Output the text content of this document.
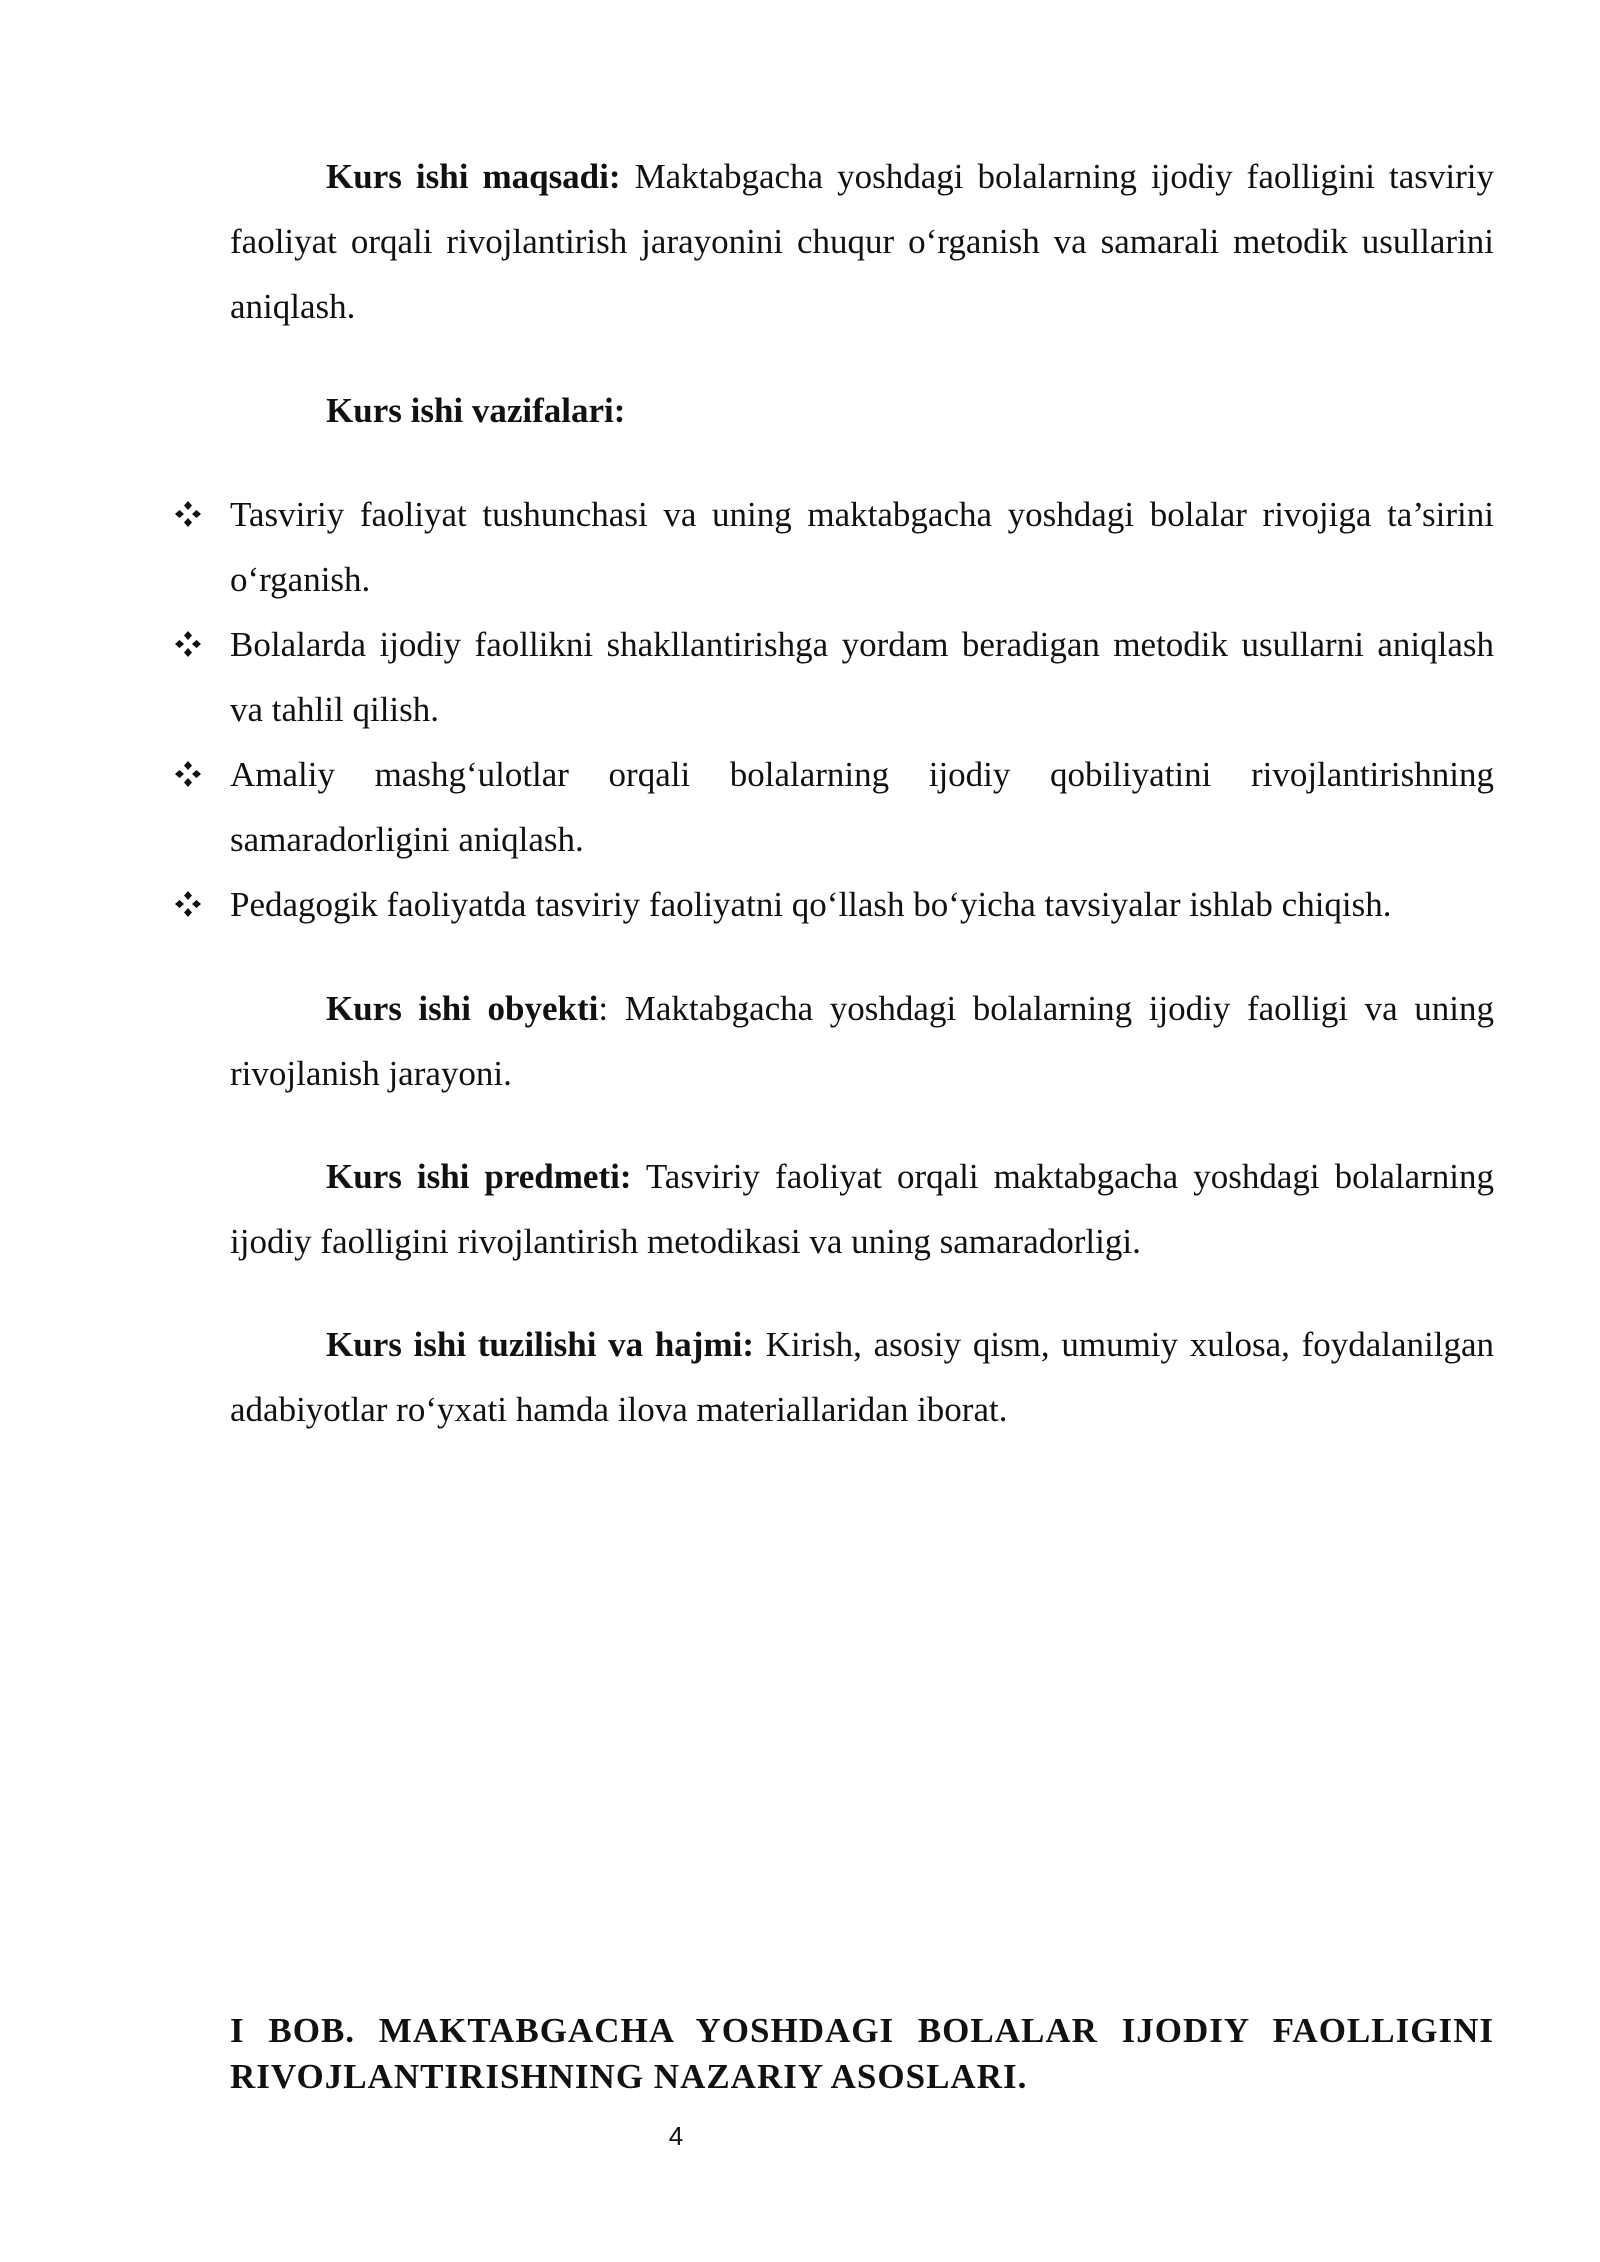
Kurs ishi maqsadi: Maktabgacha yoshdagi bolalarning ijodiy faolligini tasviriy faoliyat orqali rivojlantirish jarayonini chuqur o‘rganish va samarali metodik usullarini aniqlash.

Kurs ishi vazifalari:

Tasviriy faoliyat tushunchasi va uning maktabgacha yoshdagi bolalar rivojiga ta’sirini o‘rganish.
Bolalarda ijodiy faollikni shakllantirishga yordam beradigan metodik usullarni aniqlash va tahlil qilish.
Amaliy mashg‘ulotlar orqali bolalarning ijodiy qobiliyatini rivojlantirishning samaradorligini aniqlash.
Pedagogik faoliyatda tasviriy faoliyatni qo‘llash bo‘yicha tavsiyalar ishlab chiqish.

Kurs ishi obyekti: Maktabgacha yoshdagi bolalarning ijodiy faolligi va uning rivojlanish jarayoni.

Kurs ishi predmeti: Tasviriy faoliyat orqali maktabgacha yoshdagi bolalarning ijodiy faolligini rivojlantirish metodikasi va uning samaradorligi.

Kurs ishi tuzilishi va hajmi: Kirish, asosiy qism, umumiy xulosa, foydalanilgan adabiyotlar ro‘yxati hamda ilova materiallaridan iborat.

I BOB. MAKTABGACHA YOSHDAGI BOLALAR IJODIY FAOLLIGINI RIVOJLANTIRISHNING NAZARIY ASOSLARI.
4
